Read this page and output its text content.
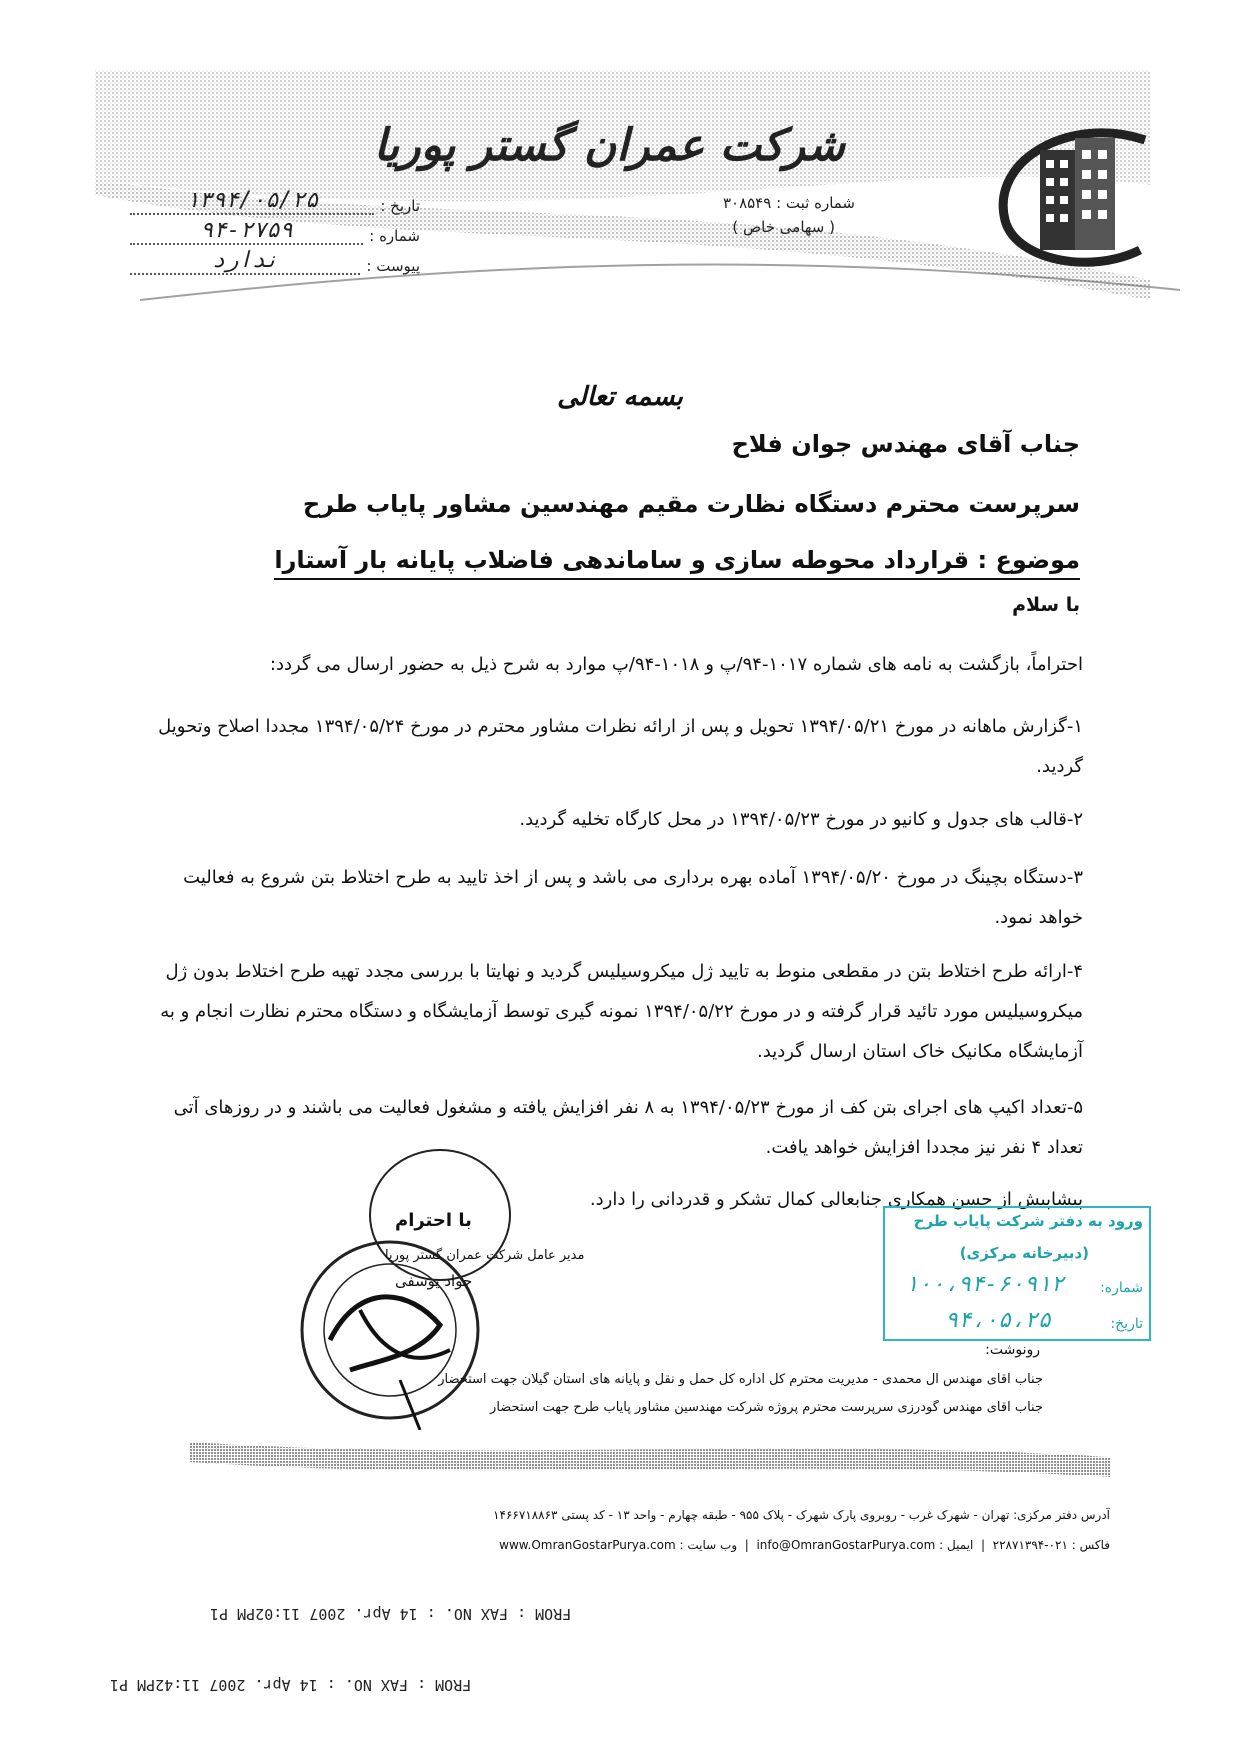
شرکت عمران گستر پوریا
شماره ثبت : ۳۰۸۵۴۹
( سهامی خاص )
تاریخ :
۱۳۹۴/۰۵/۲۵
شماره :
۹۴-۲۷۵۹
پیوست :
ندارد
بسمه تعالی
جناب آقای مهندس جوان فلاح
سرپرست محترم دستگاه نظارت مقیم مهندسین مشاور پایاب طرح
موضوع : قرارداد محوطه سازی و ساماندهی فاضلاب پایانه بار آستارا
با سلام
احتراماً، بازگشت به نامه های شماره ۱۰۱۷-۹۴/پ و ۱۰۱۸-۹۴/پ موارد به شرح ذیل به حضور ارسال می گردد:
۱-گزارش ماهانه در مورخ ۱۳۹۴/۰۵/۲۱ تحویل و پس از ارائه نظرات مشاور محترم در مورخ ۱۳۹۴/۰۵/۲۴ مجددا اصلاح وتحویل گردید.
۲-قالب های جدول و کانیو در مورخ ۱۳۹۴/۰۵/۲۳ در محل کارگاه تخلیه گردید.
۳-دستگاه بچینگ در مورخ ۱۳۹۴/۰۵/۲۰ آماده بهره برداری می باشد و پس از اخذ تایید به طرح اختلاط بتن شروع به فعالیت خواهد نمود.
۴-ارائه طرح اختلاط بتن در مقطعی منوط به تایید ژل میکروسیلیس گردید و نهایتا با بررسی مجدد تهیه طرح اختلاط بدون ژل میکروسیلیس مورد تائید قرار گرفته و در مورخ ۱۳۹۴/۰۵/۲۲ نمونه گیری توسط آزمایشگاه و دستگاه محترم نظارت انجام و به آزمایشگاه مکانیک خاک استان ارسال گردید.
۵-تعداد اکیپ های اجرای بتن کف از مورخ ۱۳۹۴/۰۵/۲۳ به ۸ نفر افزایش یافته و مشغول فعالیت می باشند و در روزهای آتی تعداد ۴ نفر نیز مجددا افزایش خواهد یافت.
پیشاپیش از حسن همکاری جنابعالی کمال تشکر و قدردانی را دارد.
ورود به دفتر شرکت پایاب طرح
(دبیرخانه مرکزی)
شماره:
۱۰۰،۹۴-۶۰۹۱۲
تاریخ:
۹۴،۰۵،۲۵
با احترام
مدیر عامل شرکت عمران گستر پوریا
جواد یوسفی
رونوشت:
جناب آقای مهندس آل محمدی - مدیریت محترم کل اداره کل حمل و نقل و پایانه های استان گیلان جهت استحضار
جناب آقای مهندس گودرزی سرپرست محترم پروژه شرکت مهندسین مشاور پایاب طرح جهت استحضار
آدرس دفتر مرکزی: تهران - شهرک غرب - روبروی پارک شهرک - پلاک ۹۵۵ - طبقه چهارم - واحد ۱۳ - کد پستی ۱۴۶۶۷۱۸۸۶۳
فاکس : ۰۲۱-۲۲۸۷۱۳۹۴  |  ایمیل : info@OmranGostarPurya.com  |  وب سایت : www.OmranGostarPurya.com
FROM : FAX NO. : 14 Apr. 2007 11:02PM P1
FROM : FAX NO. : 14 Apr. 2007 11:42PM P1
